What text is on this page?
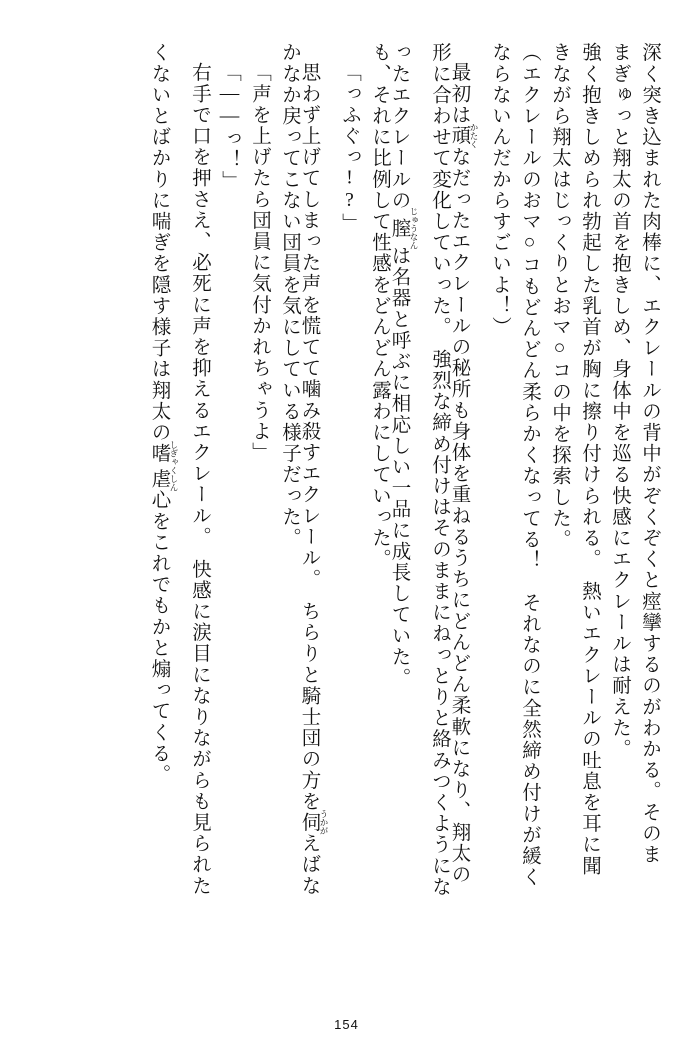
深く突き込まれた肉棒に、エクレールの背中がぞくぞくと痙攣するのがわかる。そのま
まぎゅっと翔太の首を抱きしめ、身体中を巡る快感にエクレールは耐えた。
強く抱きしめられ勃起した乳首が胸に擦り付けられる。　熱いエクレールの吐息を耳に聞
きながら翔太はじっくりとおマ○コの中を探索した。
（エクレールのおマ○コもどんどん柔らかくなってる！　それなのに全然締め付けが緩く
ならないんだからすごいよ！）
最初は頑 かたくなだったエクレールの秘所も身体を重ねるうちにどんどん柔軟になり、翔太の
形に合わせて変化していった。　強烈な締め付けはそのままにねっとりと絡みつくようにな
ったエクレールの膣 じゅうなんは名器と呼ぶに相応しい一品に成長していた。
も、それに比例して性感をどんどん露わにしていった。
「っふぐっ!?」
思わず上げてしまった声を慌てて噛み殺すエクレール。　ちらりと騎士団の方を伺 うかがえばな
かなか戻ってこない団員を気にしている様子だった。
「声を上げたら団員に気付かれちゃうよ」
「――っ！」
右手で口を押さえ、必死に声を抑えるエクレール。　快感に涙目になりながらも見られた
くないとばかりに喘ぎを隠す様子は翔太の嗜虐 しぎゃくしん心をこれでもかと煽ってくる。
154
